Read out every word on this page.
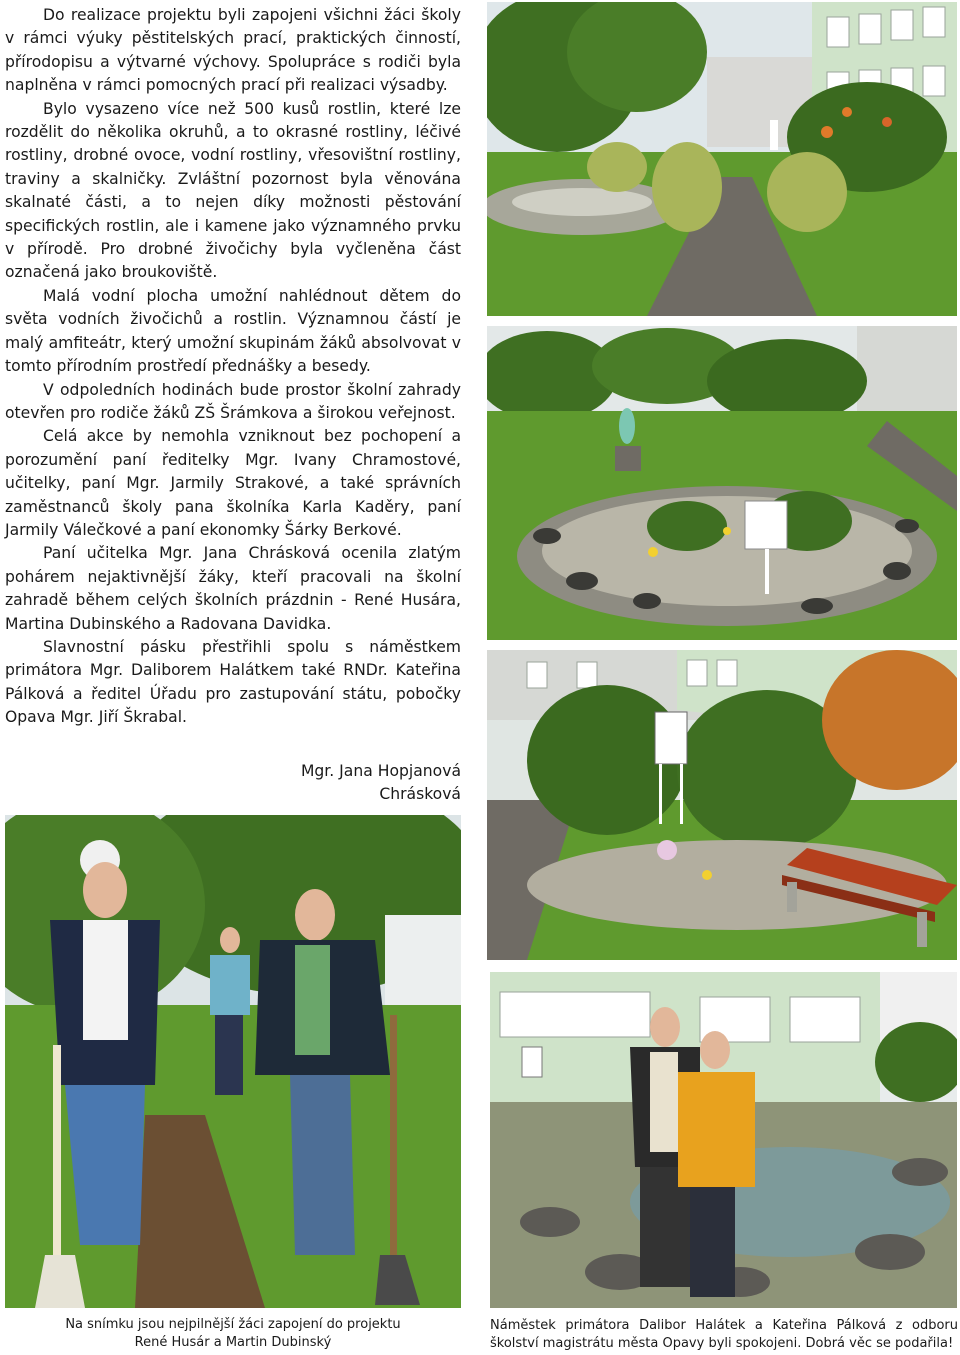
Do realizace projektu byli zapojeni všichni žáci školy v rámci výuky pěstitelských prací, praktických činností, přírodopisu a výtvarné výchovy. Spolupráce s rodiči byla naplněna v rámci pomocných prací při realizaci výsadby.

Bylo vysazeno více než 500 kusů rostlin, které lze rozdělit do několika okruhů, a to okrasné rostliny, léčivé rostliny, drobné ovoce, vodní rostliny, vřesovištní rostliny, traviny a skalničky. Zvláštní pozornost byla věnována skalnaté části, a to nejen díky možnosti pěstování specifických rostlin, ale i kamene jako významného prvku v přírodě. Pro drobné živočichy byla vyčleněna část označená jako broukoviště.

Malá vodní plocha umožní nahlédnout dětem do světa vodních živočichů a rostlin. Významnou částí je malý amfiteátr, který umožní skupinám žáků absolvovat v tomto přírodním prostředí přednášky a besedy.

V odpoledních hodinách bude prostor školní zahrady otevřen pro rodiče žáků ZŠ Šrámkova a širokou veřejnost.

Celá akce by nemohla vzniknout bez pochopení a porozumění paní ředitelky Mgr. Ivany Chramostové, učitelky, paní Mgr. Jarmily Strakové, a také správních zaměstnanců školy pana školníka Karla Kaděry, paní Jarmily Válečkové a paní ekonomky Šárky Berkové.

Paní učitelka Mgr. Jana Chrásková ocenila zlatým pohárem nejaktivnější žáky, kteří pracovali na školní zahradě během celých školních prázdnin - René Husára, Martina Dubinského a Radovana Davidka.

Slavnostní pásku přestřihli spolu s náměstkem primátora Mgr. Daliborem Halátkem také RNDr. Kateřina Pálková a ředitel Úřadu pro zastupování státu, pobočky Opava Mgr. Jiří Škrabal.

Mgr. Jana Hopjanová Chrásková
Na snímku jsou nejpilnější žáci zapojení do projektu
René Husár a Martin Dubinský
Náměstek primátora Dalibor Halátek a Kateřina Pálková z odboru
školství magistrátu města Opavy byli spokojeni. Dobrá věc se podařila!
